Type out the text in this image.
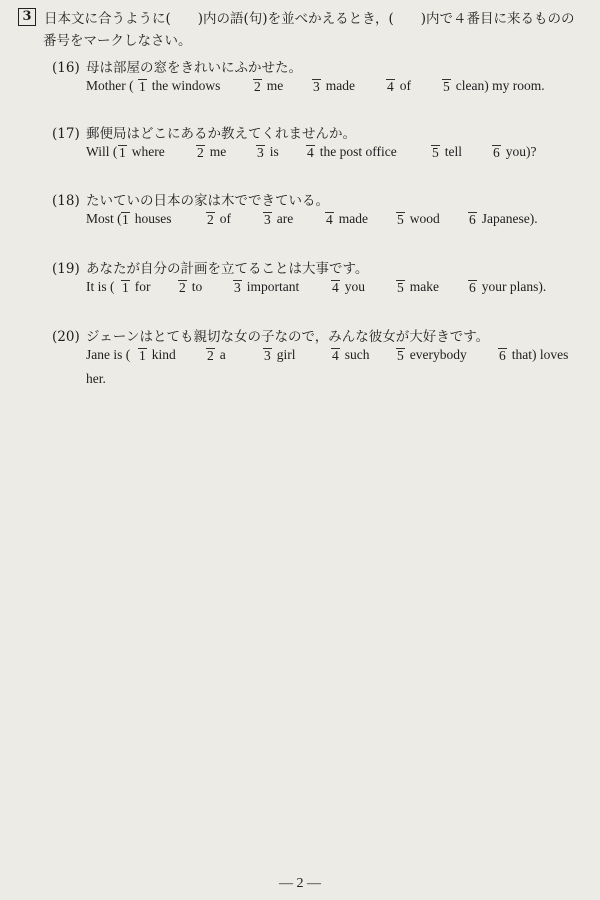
3 日本文に合うように(　　)内の語(句)を並べかえるとき，(　　)内で４番目に来るものの
番号をマークしなさい。
(16) 母は部屋の窓をきれいにふかせた。
Mother ( 1 the windows 2 me 3 made 4 of 5 clean) my room.
(17) 郵便局はどこにあるか教えてくれませんか。
Will ( 1 where 2 me 3 is 4 the post office	5 tell 6 you)?
(18) たいていの日本の家は木でできている。
Most ( 1 houses	2 of 3 are 4 made 5 wood 6 Japanese).
(19) あなたが自分の計画を立てることは大事です。
It is ( 1 for 2 to 3 important 4 you 5 make 6 your plans).
(20) ジェーンはとても親切な女の子なので，みんな彼女が大好きです。
Jane is ( 1 kind 2 a	3 girl	4 such 5 everybody 6 that) loves
her.
— 2 —
